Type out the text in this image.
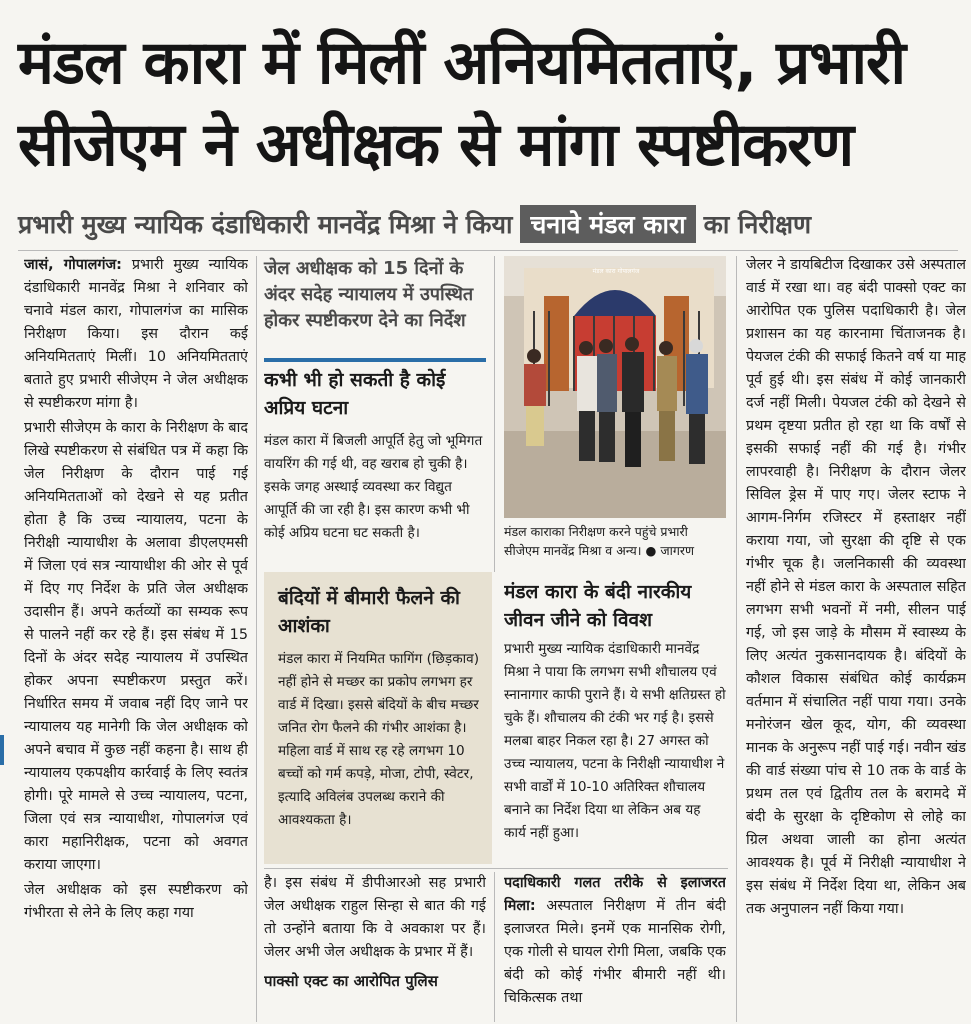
मंडल कारा में मिलीं अनियमितताएं, प्रभारी
सीजेएम ने अधीक्षक से मांगा स्पष्टीकरण
प्रभारी मुख्य न्यायिक दंडाधिकारी मानवेंद्र मिश्रा ने किया चनावे मंडल कारा का निरीक्षण

जासं, गोपालगंज: प्रभारी मुख्य न्यायिक दंडाधिकारी मानवेंद्र मिश्रा ने शनिवार को चनावे मंडल कारा, गोपालगंज का मासिक निरीक्षण किया। इस दौरान कई अनियमितताएं मिलीं। 10 अनियमितताएं बताते हुए प्रभारी सीजेएम ने जेल अधीक्षक से स्पष्टीकरण मांगा है।

प्रभारी सीजेएम के कारा के निरीक्षण के बाद लिखे स्पष्टीकरण से संबंधित पत्र में कहा कि जेल निरीक्षण के दौरान पाई गई अनियमितताओं को देखने से यह प्रतीत होता है कि उच्च न्यायालय, पटना के निरीक्षी न्यायाधीश के अलावा डीएलएमसी में जिला एवं सत्र न्यायाधीश की ओर से पूर्व में दिए गए निर्देश के प्रति जेल अधीक्षक उदासीन हैं। अपने कर्तव्यों का सम्यक रूप से पालने नहीं कर रहे हैं। इस संबंध में 15 दिनों के अंदर सदेह न्यायालय में उपस्थित होकर अपना स्पष्टीकरण प्रस्तुत करें। निर्धारित समय में जवाब नहीं दिए जाने पर न्यायालय यह मानेगी कि जेल अधीक्षक को अपने बचाव में कुछ नहीं कहना है। साथ ही न्यायालय एकपक्षीय कार्रवाई के लिए स्वतंत्र होगी। पूरे मामले से उच्च न्यायालय, पटना, जिला एवं सत्र न्यायाधीश, गोपालगंज एवं कारा महानिरीक्षक, पटना को अवगत कराया जाएगा।

जेल अधीक्षक को इस स्पष्टीकरण को गंभीरता से लेने के लिए कहा गया

जेल अधीक्षक को 15 दिनों के अंदर सदेह न्यायालय में उपस्थित होकर स्पष्टीकरण देने का निर्देश
कभी भी हो सकती है कोई अप्रिय घटना
मंडल कारा में बिजली आपूर्ति हेतु जो भूमिगत वायरिंग की गई थी, वह खराब हो चुकी है। इसके जगह अस्थाई व्यवस्था कर विद्युत आपूर्ति की जा रही है। इस कारण कभी भी कोई अप्रिय घटना घट सकती है।
मंडल कारा गोपालगंज
मंडल काराका निरीक्षण करने पहुंचे प्रभारी सीजेएम मानवेंद्र मिश्रा व अन्य। ● जागरण
बंदियों में बीमारी फैलने की आशंका
मंडल कारा में नियमित फागिंग (छिड़काव) नहीं होने से मच्छर का प्रकोप लगभग हर वार्ड में दिखा। इससे बंदियों के बीच मच्छर जनित रोग फैलने की गंभीर आशंका है। महिला वार्ड में साथ रह रहे लगभग 10 बच्चों को गर्म कपड़े, मोजा, टोपी, स्वेटर, इत्यादि अविलंब उपलब्ध कराने की आवश्यकता है।
मंडल कारा के बंदी नारकीय जीवन जीने को विवश
प्रभारी मुख्य न्यायिक दंडाधिकारी मानवेंद्र मिश्रा ने पाया कि लगभग सभी शौचालय एवं स्नानागार काफी पुराने हैं। ये सभी क्षतिग्रस्त हो चुके हैं। शौचालय की टंकी भर गई है। इससे मलबा बाहर निकल रहा है। 27 अगस्त को उच्च न्यायालय, पटना के निरीक्षी न्यायाधीश ने सभी वार्डों में 10-10 अतिरिक्त शौचालय बनाने का निर्देश दिया था लेकिन अब यह कार्य नहीं हुआ।

है। इस संबंध में डीपीआरओ सह प्रभारी जेल अधीक्षक राहुल सिन्हा से बात की गई तो उन्होंने बताया कि वे अवकाश पर हैं। जेलर अभी जेल अधीक्षक के प्रभार में हैं।

पाक्सो एक्ट का आरोपित पुलिस

पदाधिकारी गलत तरीके से इलाजरत मिला: अस्पताल निरीक्षण में तीन बंदी इलाजरत मिले। इनमें एक मानसिक रोगी, एक गोली से घायल रोगी मिला, जबकि एक बंदी को कोई गंभीर बीमारी नहीं थी। चिकित्सक तथा

जेलर ने डायबिटीज दिखाकर उसे अस्पताल वार्ड में रखा था। वह बंदी पाक्सो एक्ट का आरोपित एक पुलिस पदाधिकारी है। जेल प्रशासन का यह कारनामा चिंताजनक है। पेयजल टंकी की सफाई कितने वर्ष या माह पूर्व हुई थी। इस संबंध में कोई जानकारी दर्ज नहीं मिली। पेयजल टंकी को देखने से प्रथम दृष्टया प्रतीत हो रहा था कि वर्षों से इसकी सफाई नहीं की गई है। गंभीर लापरवाही है। निरीक्षण के दौरान जेलर सिविल ड्रेस में पाए गए। जेलर स्टाफ ने आगम-निर्गम रजिस्टर में हस्ताक्षर नहीं कराया गया, जो सुरक्षा की दृष्टि से एक गंभीर चूक है। जलनिकासी की व्यवस्था नहीं होने से मंडल कारा के अस्पताल सहित लगभग सभी भवनों में नमी, सीलन पाई गई, जो इस जाड़े के मौसम में स्वास्थ्य के लिए अत्यंत नुकसानदायक है। बंदियों के कौशल विकास संबंधित कोई कार्यक्रम वर्तमान में संचालित नहीं पाया गया। उनके मनोरंजन खेल कूद, योग, की व्यवस्था मानक के अनुरूप नहीं पाई गई। नवीन खंड की वार्ड संख्या पांच से 10 तक के वार्ड के प्रथम तल एवं द्वितीय तल के बरामदे में बंदी के सुरक्षा के दृष्टिकोण से लोहे का ग्रिल अथवा जाली का होना अत्यंत आवश्यक है। पूर्व में निरीक्षी न्यायाधीश ने इस संबंध में निर्देश दिया था, लेकिन अब तक अनुपालन नहीं किया गया।
